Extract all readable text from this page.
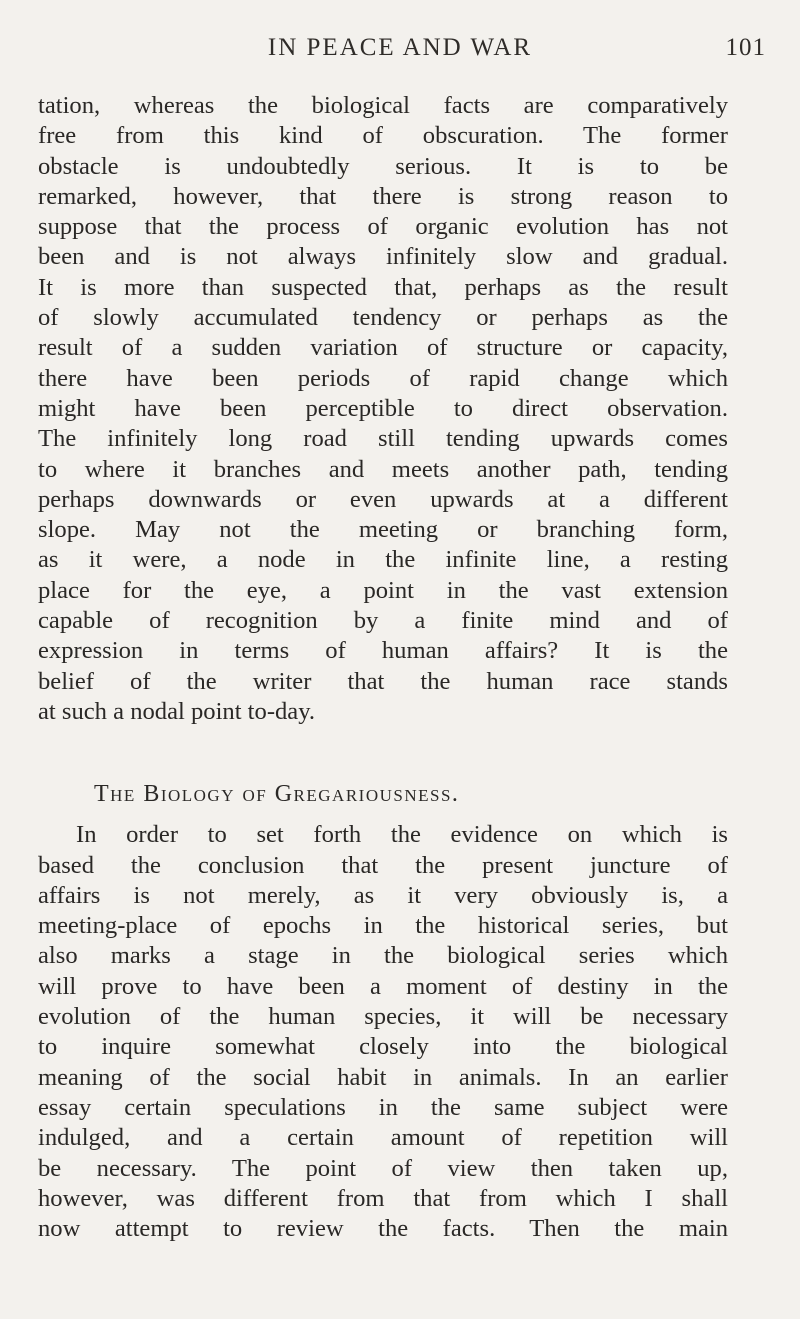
IN PEACE AND WAR	101

tation, whereas the biological facts are comparatively
free from this kind of obscuration. The former
obstacle is undoubtedly serious. It is to be
remarked, however, that there is strong reason to
suppose that the process of organic evolution has not
been and is not always infinitely slow and gradual.
It is more than suspected that, perhaps as the result
of slowly accumulated tendency or perhaps as the
result of a sudden variation of structure or capacity,
there have been periods of rapid change which
might have been perceptible to direct observation.
The infinitely long road still tending upwards comes
to where it branches and meets another path, tending
perhaps downwards or even upwards at a different
slope. May not the meeting or branching form,
as it were, a node in the infinite line, a resting
place for the eye, a point in the vast extension
capable of recognition by a finite mind and of
expression in terms of human affairs? It is the
belief of the writer that the human race stands
at such a nodal point to-day.

The Biology of Gregariousness.

In order to set forth the evidence on which is
based the conclusion that the present juncture of
affairs is not merely, as it very obviously is, a
meeting-place of epochs in the historical series, but
also marks a stage in the biological series which
will prove to have been a moment of destiny in the
evolution of the human species, it will be necessary
to inquire somewhat closely into the biological
meaning of the social habit in animals. In an earlier
essay certain speculations in the same subject were
indulged, and a certain amount of repetition will
be necessary. The point of view then taken up,
however, was different from that from which I shall
now attempt to review the facts. Then the main
